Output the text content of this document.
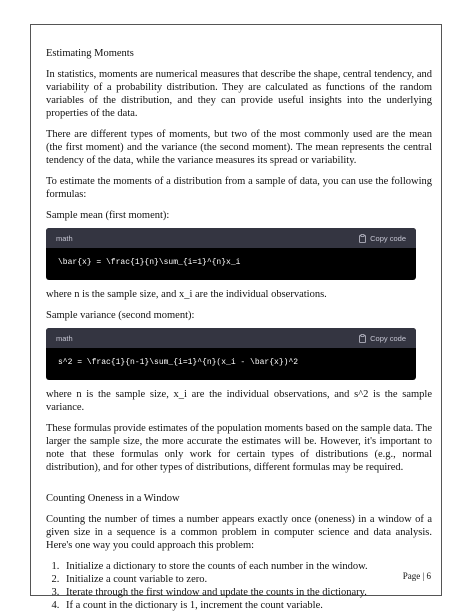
Estimating Moments

In statistics, moments are numerical measures that describe the shape, central tendency, and variability of a probability distribution. They are calculated as functions of the random variables of the distribution, and they can provide useful insights into the underlying properties of the data.

There are different types of moments, but two of the most commonly used are the mean (the first moment) and the variance (the second moment). The mean represents the central tendency of the data, while the variance measures its spread or variability.

To estimate the moments of a distribution from a sample of data, you can use the following formulas:

Sample mean (first moment):
math	Copy code
\bar{x} = \frac{1}{n}\sum_{i=1}^{n}x_i

where n is the sample size, and x_i are the individual observations.

Sample variance (second moment):
math	Copy code
s^2 = \frac{1}{n-1}\sum_{i=1}^{n}(x_i - \bar{x})^2

where n is the sample size, x_i are the individual observations, and s^2 is the sample variance.

These formulas provide estimates of the population moments based on the sample data. The larger the sample size, the more accurate the estimates will be. However, it's important to note that these formulas only work for certain types of distributions (e.g., normal distribution), and for other types of distributions, different formulas may be required.

Counting Oneness in a Window

Counting the number of times a number appears exactly once (oneness) in a window of a given size in a sequence is a common problem in computer science and data analysis. Here's one way you could approach this problem:

1. Initialize a dictionary to store the counts of each number in the window.
2. Initialize a count variable to zero.
3. Iterate through the first window and update the counts in the dictionary.
4. If a count in the dictionary is 1, increment the count variable.
Page | 6
